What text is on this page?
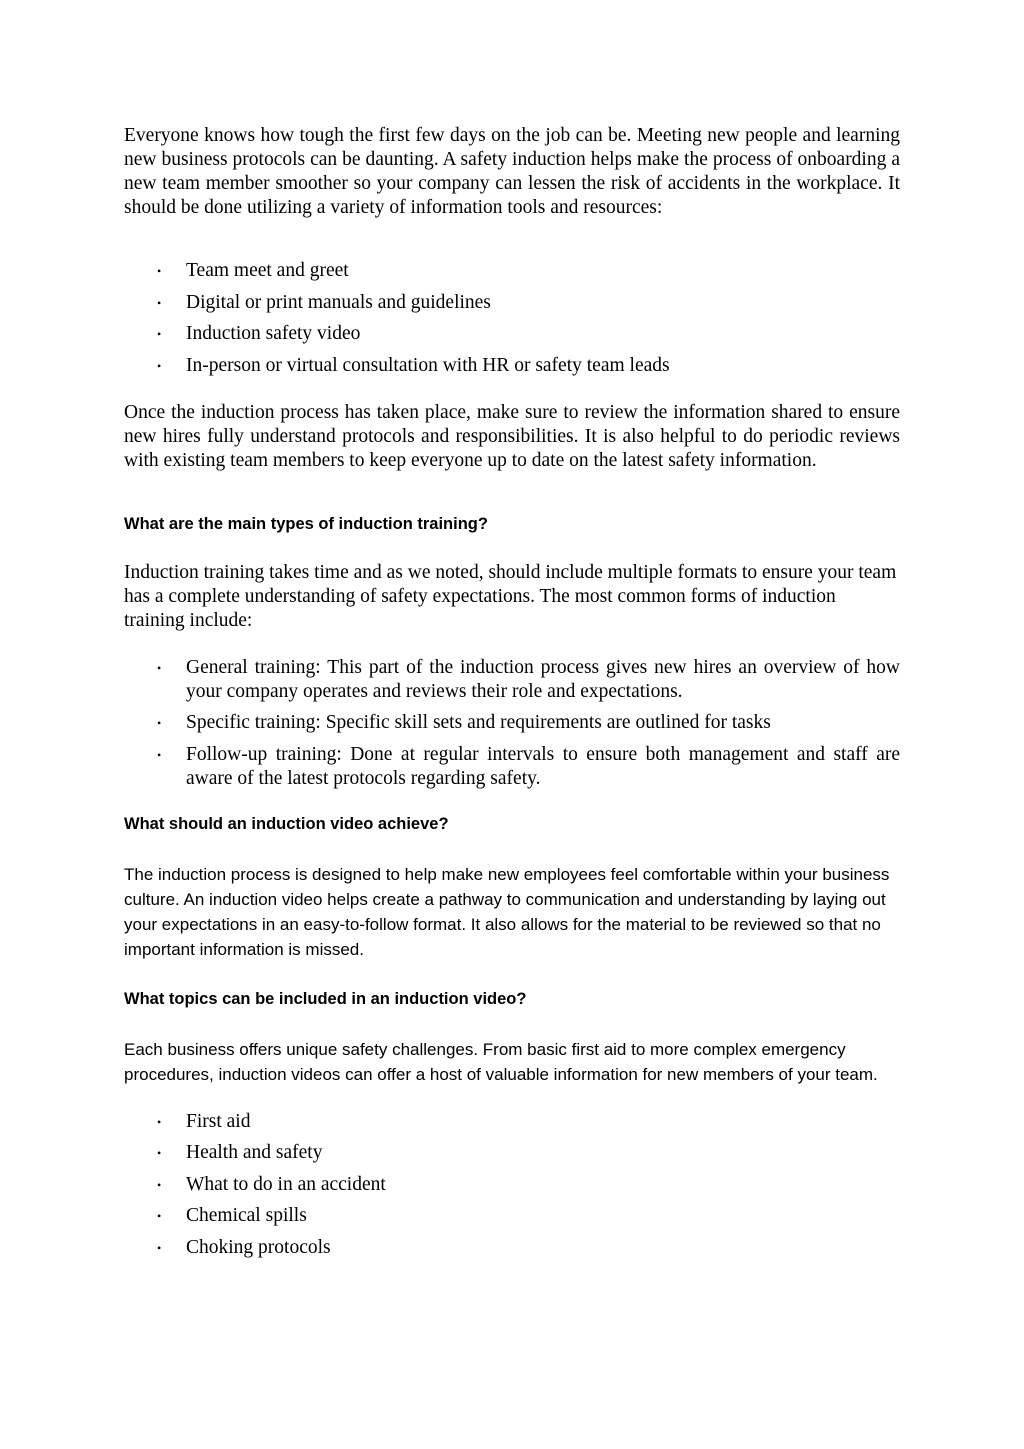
Everyone knows how tough the first few days on the job can be. Meeting new people and learning new business protocols can be daunting. A safety induction helps make the process of onboarding a new team member smoother so your company can lessen the risk of accidents in the workplace. It should be done utilizing a variety of information tools and resources:

• Team meet and greet
• Digital or print manuals and guidelines
• Induction safety video
• In-person or virtual consultation with HR or safety team leads

Once the induction process has taken place, make sure to review the information shared to ensure new hires fully understand protocols and responsibilities. It is also helpful to do periodic reviews with existing team members to keep everyone up to date on the latest safety information.

What are the main types of induction training?

Induction training takes time and as we noted, should include multiple formats to ensure your team has a complete understanding of safety expectations. The most common forms of induction training include:

• General training: This part of the induction process gives new hires an overview of how your company operates and reviews their role and expectations.
• Specific training: Specific skill sets and requirements are outlined for tasks
• Follow-up training: Done at regular intervals to ensure both management and staff are aware of the latest protocols regarding safety.
What should an induction video achieve?

The induction process is designed to help make new employees feel comfortable within your business culture. An induction video helps create a pathway to communication and understanding by laying out your expectations in an easy-to-follow format. It also allows for the material to be reviewed so that no important information is missed.

What topics can be included in an induction video?

Each business offers unique safety challenges. From basic first aid to more complex emergency procedures, induction videos can offer a host of valuable information for new members of your team.

• First aid
• Health and safety
• What to do in an accident
• Chemical spills
• Choking protocols
